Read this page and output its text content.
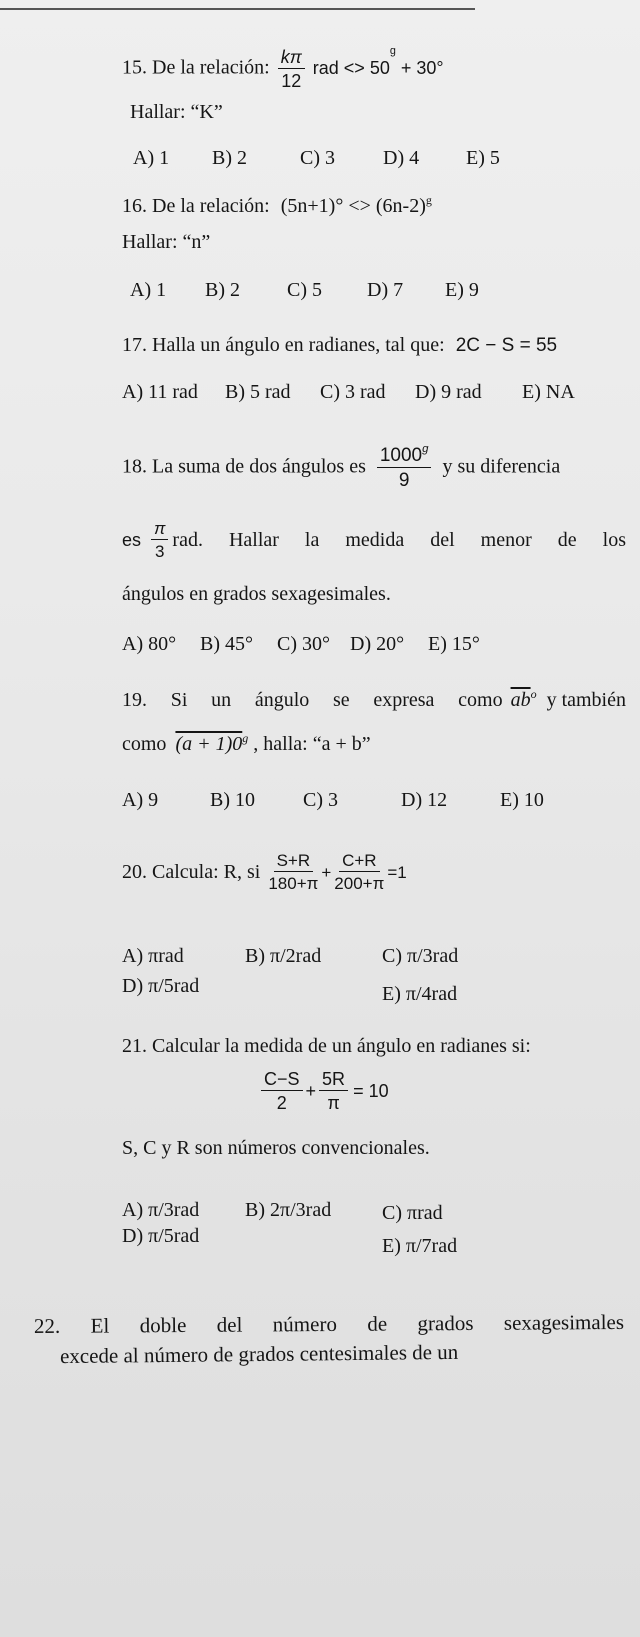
15. De la relación: $\frac{k\pi}{12}$ rad <> $50^g + 30^\circ$
Hallar: “K”
A) 1 B) 2	C) 3 D) 4 E) 5
16. De la relación: $(5n+1)^\circ <> (6n-2)^g$
Hallar: “n”
A) 1 B) 2 C) 5 D) 7 E) 9
17. Halla un ángulo en radianes, tal que: 2C − S = 55
A) 11 rad B) 5 rad C) 3 rad D) 9 rad E) NA
18. La suma de dos ángulos es $\frac{1000^g}{9}$ y su diferencia
es $\frac{\pi}{3}$ rad. Hallar la medida del menor de los
ángulos en grados sexagesimales.
A) 80° B) 45° C) 30° D) 20° E) 15°
19. Si un ángulo se expresa como $\overline{ab}^o$ y también
como $(a + 1)0^g$ , halla: “a + b”
A) 9	B) 10 C) 3	D) 12	E) 10
20. Calcula: R, si $\frac{S+R}{180+\pi} + \frac{C+R}{200+\pi} =1$
A) πrad	B) π/2rad	C) π/3rad
D) π/5rad	E) π/4rad
21. Calcular la medida de un ángulo en radianes si:
$\frac{C-S}{2} + \frac{5R}{\pi} = 10$
S, C y R son números convencionales.
A) π/3rad B) 2π/3rad	C) πrad
D) π/5rad	E) π/7rad
22. El doble del número de grados sexagesimales
excede al número de grados centesimales de un
